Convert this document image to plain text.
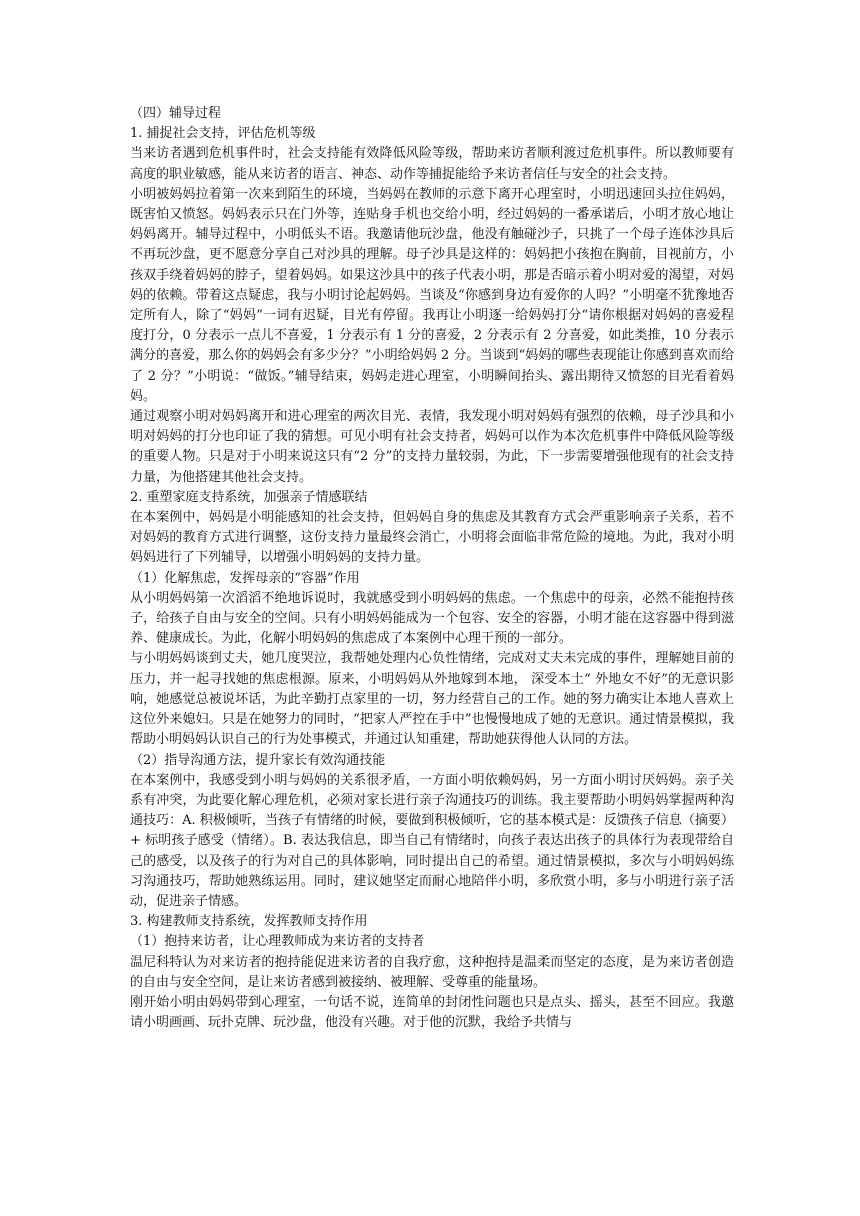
（四）辅导过程
1. 捕捉社会支持，评估危机等级

当来访者遇到危机事件时，社会支持能有效降低风险等级，帮助来访者顺利渡过危机事件。所以教师要有高度的职业敏感，能从来访者的语言、神态、动作等捕捉能给予来访者信任与安全的社会支持。

小明被妈妈拉着第一次来到陌生的环境，当妈妈在教师的示意下离开心理室时，小明迅速回头拉住妈妈，既害怕又愤怒。妈妈表示只在门外等，连贴身手机也交给小明，经过妈妈的一番承诺后，小明才放心地让妈妈离开。辅导过程中，小明低头不语。我邀请他玩沙盘，他没有触碰沙子，只挑了一个母子连体沙具后不再玩沙盘，更不愿意分享自己对沙具的理解。母子沙具是这样的：妈妈把小孩抱在胸前，目视前方，小孩双手绕着妈妈的脖子，望着妈妈。如果这沙具中的孩子代表小明，那是否暗示着小明对爱的渴望，对妈妈的依赖。带着这点疑虑，我与小明讨论起妈妈。当谈及“你感到身边有爱你的人吗？”小明毫不犹豫地否定所有人，除了“妈妈”一词有迟疑，目光有停留。我再让小明逐一给妈妈打分“请你根据对妈妈的喜爱程度打分，0 分表示一点儿不喜爱，1 分表示有 1 分的喜爱，2 分表示有 2 分喜爱，如此类推，10 分表示满分的喜爱，那么你的妈妈会有多少分？”小明给妈妈 2 分。当谈到“妈妈的哪些表现能让你感到喜欢而给了 2 分？”小明说：“做饭。”辅导结束，妈妈走进心理室，小明瞬间抬头、露出期待又愤怒的目光看着妈妈。

通过观察小明对妈妈离开和进心理室的两次目光、表情，我发现小明对妈妈有强烈的依赖，母子沙具和小明对妈妈的打分也印证了我的猜想。可见小明有社会支持者，妈妈可以作为本次危机事件中降低风险等级的重要人物。只是对于小明来说这只有“2 分”的支持力量较弱，为此，下一步需要增强他现有的社会支持力量，为他搭建其他社会支持。

2. 重塑家庭支持系统，加强亲子情感联结

在本案例中，妈妈是小明能感知的社会支持，但妈妈自身的焦虑及其教育方式会严重影响亲子关系，若不对妈妈的教育方式进行调整，这份支持力量最终会消亡，小明将会面临非常危险的境地。为此，我对小明妈妈进行了下列辅导，以增强小明妈妈的支持力量。

（1）化解焦虑，发挥母亲的“容器”作用

从小明妈妈第一次滔滔不绝地诉说时，我就感受到小明妈妈的焦虑。一个焦虑中的母亲，必然不能抱持孩子，给孩子自由与安全的空间。只有小明妈妈能成为一个包容、安全的容器，小明才能在这容器中得到滋养、健康成长。为此，化解小明妈妈的焦虑成了本案例中心理干预的一部分。

与小明妈妈谈到丈夫，她几度哭泣，我帮她处理内心负性情绪，完成对丈夫未完成的事件，理解她目前的压力，并一起寻找她的焦虑根源。原来，小明妈妈从外地嫁到本地， 深受本土“ 外地女不好”的无意识影响，她感觉总被说坏话，为此辛勤打点家里的一切，努力经营自己的工作。她的努力确实让本地人喜欢上这位外来媳妇。只是在她努力的同时，“把家人严控在手中”也慢慢地成了她的无意识。通过情景模拟，我帮助小明妈妈认识自己的行为处事模式，并通过认知重建，帮助她获得他人认同的方法。

（2）指导沟通方法，提升家长有效沟通技能

在本案例中，我感受到小明与妈妈的关系很矛盾，一方面小明依赖妈妈，另一方面小明讨厌妈妈。亲子关系有冲突，为此要化解心理危机，必须对家长进行亲子沟通技巧的训练。我主要帮助小明妈妈掌握两种沟通技巧：A. 积极倾听，当孩子有情绪的时候，要做到积极倾听，它的基本模式是：反馈孩子信息（摘要）+ 标明孩子感受（情绪）。B. 表达我信息，即当自己有情绪时，向孩子表达出孩子的具体行为表现带给自己的感受，以及孩子的行为对自己的具体影响，同时提出自己的希望。通过情景模拟，多次与小明妈妈练习沟通技巧，帮助她熟练运用。同时，建议她坚定而耐心地陪伴小明，多欣赏小明，多与小明进行亲子活动，促进亲子情感。

3. 构建教师支持系统，发挥教师支持作用
（1）抱持来访者，让心理教师成为来访者的支持者

温尼科特认为对来访者的抱持能促进来访者的自我疗愈，这种抱持是温柔而坚定的态度，是为来访者创造的自由与安全空间，是让来访者感到被接纳、被理解、受尊重的能量场。

刚开始小明由妈妈带到心理室，一句话不说，连简单的封闭性问题也只是点头、摇头，甚至不回应。我邀请小明画画、玩扑克牌、玩沙盘，他没有兴趣。对于他的沉默，我给予共情与
